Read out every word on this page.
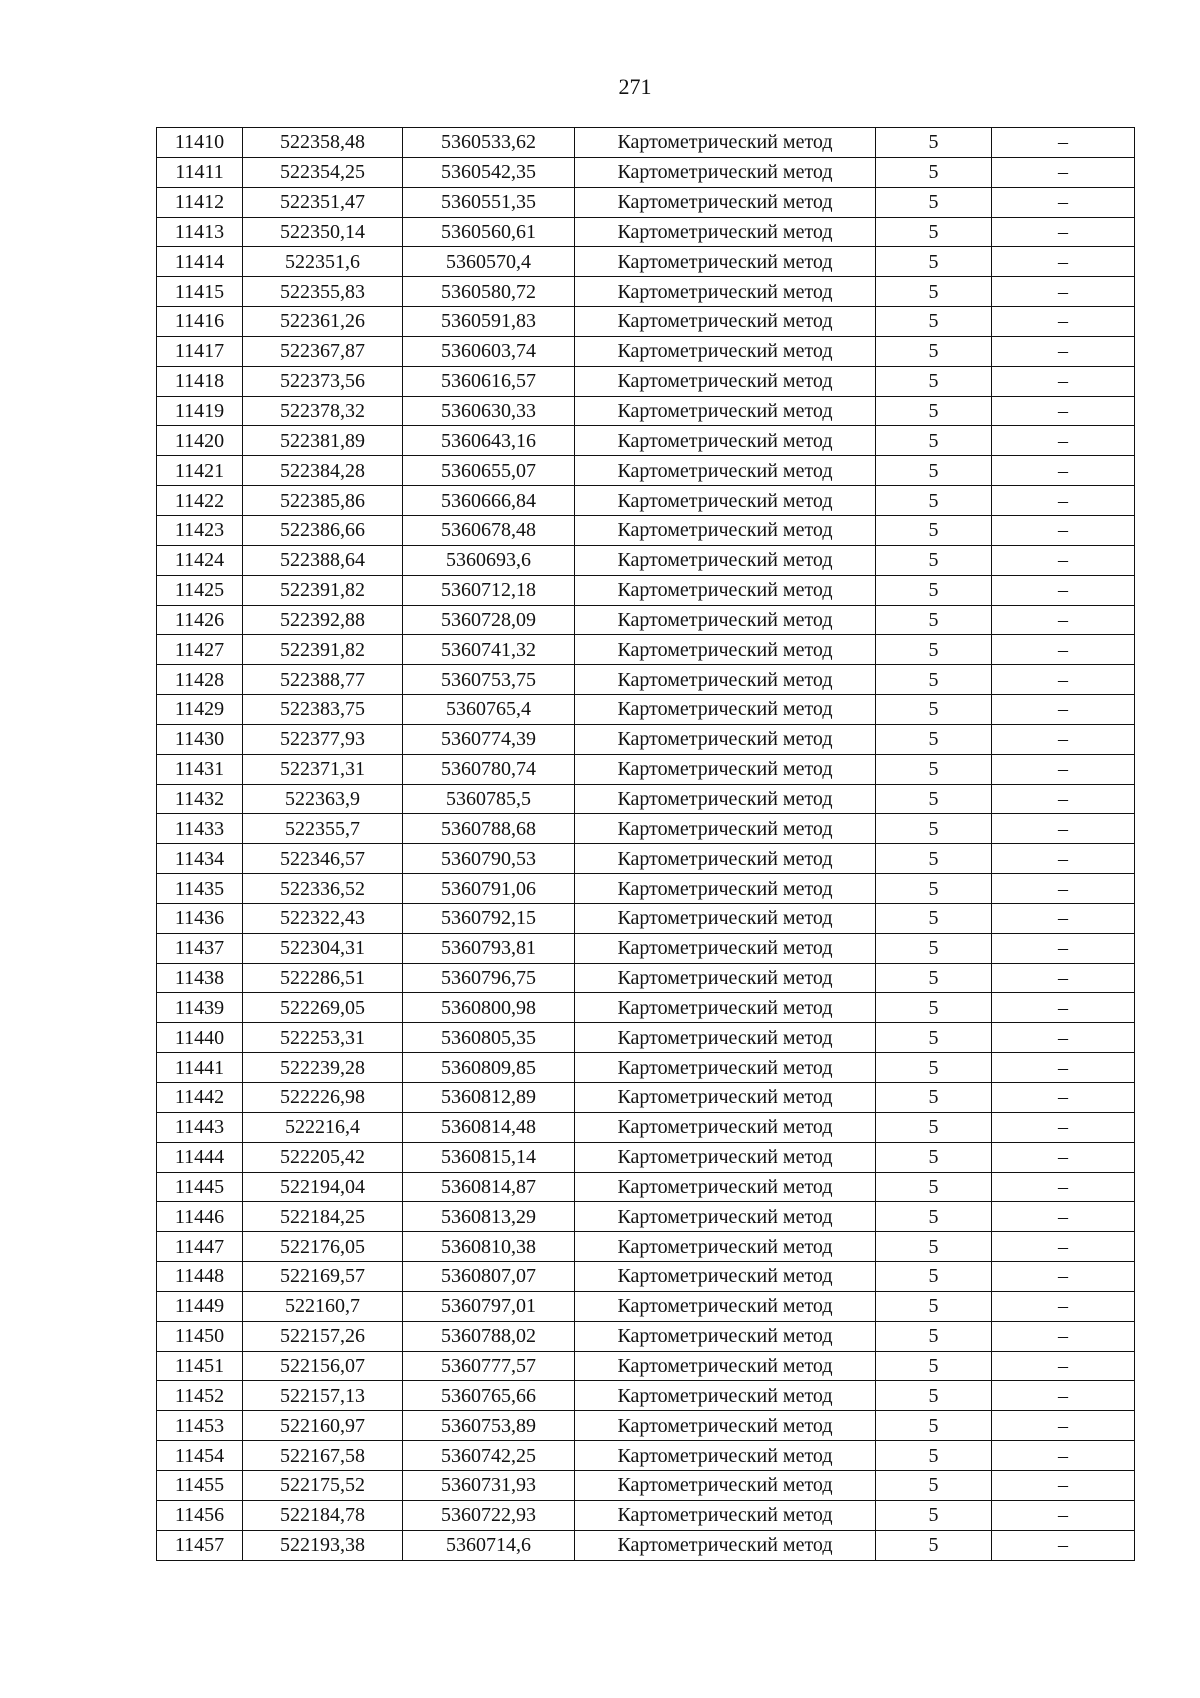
271
11410	522358,48	5360533,62	Картометрический метод	5	–
11411	522354,25	5360542,35	Картометрический метод	5	–
11412	522351,47	5360551,35	Картометрический метод	5	–
11413	522350,14	5360560,61	Картометрический метод	5	–
11414	522351,6	5360570,4	Картометрический метод	5	–
11415	522355,83	5360580,72	Картометрический метод	5	–
11416	522361,26	5360591,83	Картометрический метод	5	–
11417	522367,87	5360603,74	Картометрический метод	5	–
11418	522373,56	5360616,57	Картометрический метод	5	–
11419	522378,32	5360630,33	Картометрический метод	5	–
11420	522381,89	5360643,16	Картометрический метод	5	–
11421	522384,28	5360655,07	Картометрический метод	5	–
11422	522385,86	5360666,84	Картометрический метод	5	–
11423	522386,66	5360678,48	Картометрический метод	5	–
11424	522388,64	5360693,6	Картометрический метод	5	–
11425	522391,82	5360712,18	Картометрический метод	5	–
11426	522392,88	5360728,09	Картометрический метод	5	–
11427	522391,82	5360741,32	Картометрический метод	5	–
11428	522388,77	5360753,75	Картометрический метод	5	–
11429	522383,75	5360765,4	Картометрический метод	5	–
11430	522377,93	5360774,39	Картометрический метод	5	–
11431	522371,31	5360780,74	Картометрический метод	5	–
11432	522363,9	5360785,5	Картометрический метод	5	–
11433	522355,7	5360788,68	Картометрический метод	5	–
11434	522346,57	5360790,53	Картометрический метод	5	–
11435	522336,52	5360791,06	Картометрический метод	5	–
11436	522322,43	5360792,15	Картометрический метод	5	–
11437	522304,31	5360793,81	Картометрический метод	5	–
11438	522286,51	5360796,75	Картометрический метод	5	–
11439	522269,05	5360800,98	Картометрический метод	5	–
11440	522253,31	5360805,35	Картометрический метод	5	–
11441	522239,28	5360809,85	Картометрический метод	5	–
11442	522226,98	5360812,89	Картометрический метод	5	–
11443	522216,4	5360814,48	Картометрический метод	5	–
11444	522205,42	5360815,14	Картометрический метод	5	–
11445	522194,04	5360814,87	Картометрический метод	5	–
11446	522184,25	5360813,29	Картометрический метод	5	–
11447	522176,05	5360810,38	Картометрический метод	5	–
11448	522169,57	5360807,07	Картометрический метод	5	–
11449	522160,7	5360797,01	Картометрический метод	5	–
11450	522157,26	5360788,02	Картометрический метод	5	–
11451	522156,07	5360777,57	Картометрический метод	5	–
11452	522157,13	5360765,66	Картометрический метод	5	–
11453	522160,97	5360753,89	Картометрический метод	5	–
11454	522167,58	5360742,25	Картометрический метод	5	–
11455	522175,52	5360731,93	Картометрический метод	5	–
11456	522184,78	5360722,93	Картометрический метод	5	–
11457	522193,38	5360714,6	Картометрический метод	5	–
